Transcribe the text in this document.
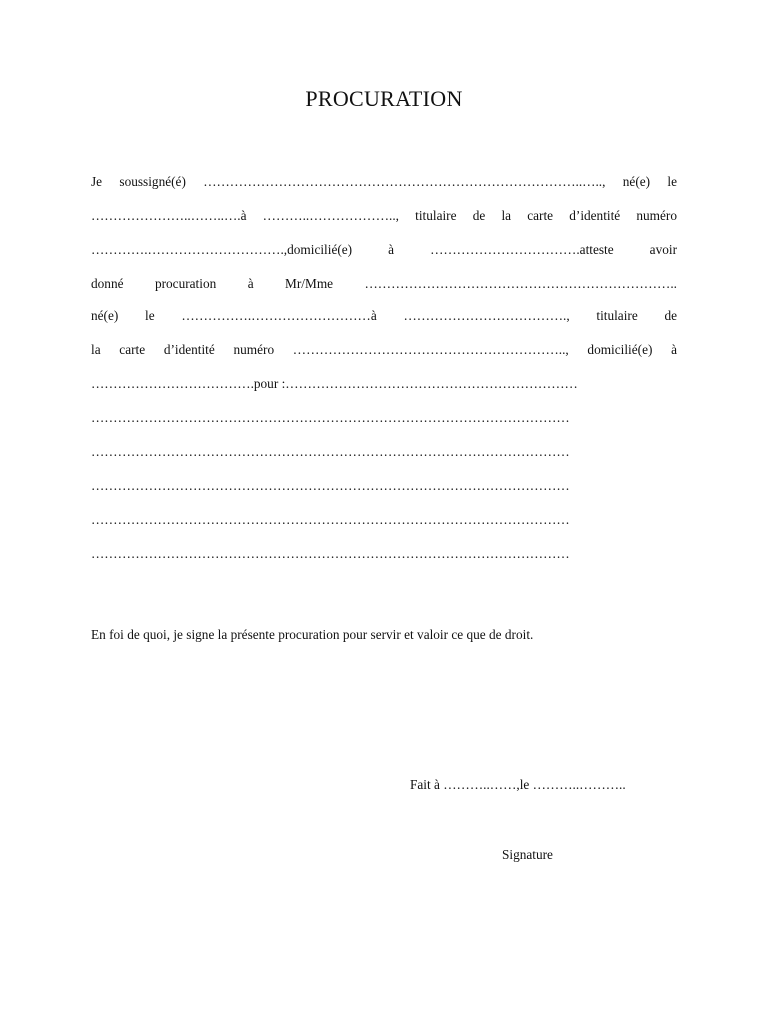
PROCURATION
Je soussigné(é) …………………………………………………………………………..….., né(e) le
…………………..……..….à ………..……………….., titulaire de la carte d’identité numéro
………….………………………….,domicilié(e) à …………………………….atteste avoir
donné procuration à Mr/Mme ……………………………………………………………..
né(e) le …………….………………………à ………………………………., titulaire de
la carte d’identité numéro …………………………………………………….., domicilié(e) à
……………………………….pour :…………………………………………………………
………………………………………………………………………………………………
………………………………………………………………………………………………
………………………………………………………………………………………………
………………………………………………………………………………………………
………………………………………………………………………………………………
En foi de quoi, je signe la présente procuration pour servir et valoir ce que de droit.
Fait à ………..……,le ………..………..
Signature
